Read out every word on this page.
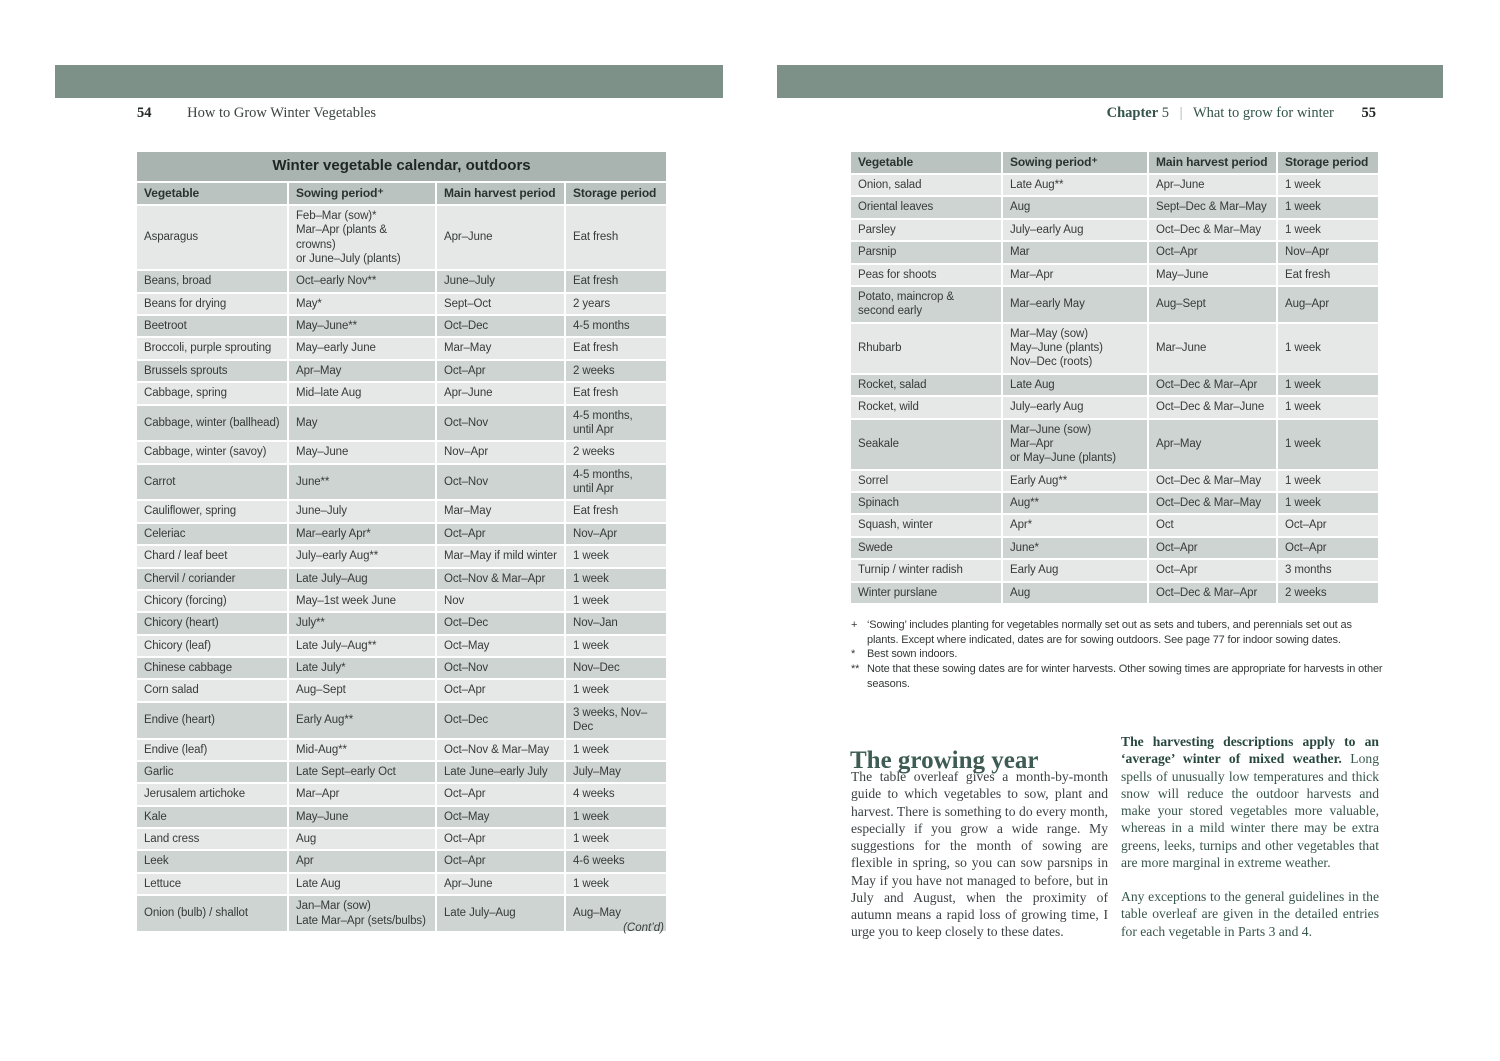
54 How to Grow Winter Vegetables
Winter vegetable calendar, outdoors			
Vegetable	Sowing period⁺	Main harvest period	Storage period
Asparagus	Feb–Mar (sow)*
Mar–Apr (plants & crowns)
or June–July (plants)	Apr–June	Eat fresh
Beans, broad	Oct–early Nov**	June–July	Eat fresh
Beans for drying	May*	Sept–Oct	2 years
Beetroot	May–June**	Oct–Dec	4-5 months
Broccoli, purple sprouting	May–early June	Mar–May	Eat fresh
Brussels sprouts	Apr–May	Oct–Apr	2 weeks
Cabbage, spring	Mid–late Aug	Apr–June	Eat fresh
Cabbage, winter (ballhead)	May	Oct–Nov	4-5 months,
until Apr
Cabbage, winter (savoy)	May–June	Nov–Apr	2 weeks
Carrot	June**	Oct–Nov	4-5 months,
until Apr
Cauliflower, spring	June–July	Mar–May	Eat fresh
Celeriac	Mar–early Apr*	Oct–Apr	Nov–Apr
Chard / leaf beet	July–early Aug**	Mar–May if mild winter	1 week
Chervil / coriander	Late July–Aug	Oct–Nov & Mar–Apr	1 week
Chicory (forcing)	May–1st week June	Nov	1 week
Chicory (heart)	July**	Oct–Dec	Nov–Jan
Chicory (leaf)	Late July–Aug**	Oct–May	1 week
Chinese cabbage	Late July*	Oct–Nov	Nov–Dec
Corn salad	Aug–Sept	Oct–Apr	1 week
Endive (heart)	Early Aug**	Oct–Dec	3 weeks, Nov–Dec
Endive (leaf)	Mid-Aug**	Oct–Nov & Mar–May	1 week
Garlic	Late Sept–early Oct	Late June–early July	July–May
Jerusalem artichoke	Mar–Apr	Oct–Apr	4 weeks
Kale	May–June	Oct–May	1 week
Land cress	Aug	Oct–Apr	1 week
Leek	Apr	Oct–Apr	4-6 weeks
Lettuce	Late Aug	Apr–June	1 week
Onion (bulb) / shallot	Jan–Mar (sow)
Late Mar–Apr (sets/bulbs)	Late July–Aug	Aug–May
(Cont’d)
Chapter 5 | What to grow for winter 55
Vegetable	Sowing period⁺	Main harvest period	Storage period
Onion, salad	Late Aug**	Apr–June	1 week
Oriental leaves	Aug	Sept–Dec & Mar–May	1 week
Parsley	July–early Aug	Oct–Dec & Mar–May	1 week
Parsnip	Mar	Oct–Apr	Nov–Apr
Peas for shoots	Mar–Apr	May–June	Eat fresh
Potato, maincrop &
second early	Mar–early May	Aug–Sept	Aug–Apr
Rhubarb	Mar–May (sow)
May–June (plants)
Nov–Dec (roots)	Mar–June	1 week
Rocket, salad	Late Aug	Oct–Dec & Mar–Apr	1 week
Rocket, wild	July–early Aug	Oct–Dec & Mar–June	1 week
Seakale	Mar–June (sow)
Mar–Apr
or May–June (plants)	Apr–May	1 week
Sorrel	Early Aug**	Oct–Dec & Mar–May	1 week
Spinach	Aug**	Oct–Dec & Mar–May	1 week
Squash, winter	Apr*	Oct	Oct–Apr
Swede	June*	Oct–Apr	Oct–Apr
Turnip / winter radish	Early Aug	Oct–Apr	3 months
Winter purslane	Aug	Oct–Dec & Mar–Apr	2 weeks
+ ‘Sowing’ includes planting for vegetables normally set out as sets and tubers, and perennials set out as plants. Except where indicated, dates are for sowing outdoors. See page 77 for indoor sowing dates.
*	Best sown indoors.
** Note that these sowing dates are for winter harvests. Other sowing times are appropriate for harvests in other seasons.
The growing year

The table overleaf gives a month-by-month guide to which vegetables to sow, plant and harvest. There is something to do every month, especially if you grow a wide range. My suggestions for the month of sowing are flexible in spring, so you can sow parsnips in May if you have not managed to before, but in July and August, when the proximity of autumn means a rapid loss of growing time, I urge you to keep closely to these dates.

The harvesting descriptions apply to an ‘average’ winter of mixed weather. Long spells of unusually low temperatures and thick snow will reduce the outdoor harvests and make your stored vegetables more valuable, whereas in a mild winter there may be extra greens, leeks, turnips and other vegetables that are more marginal in extreme weather.

Any exceptions to the general guidelines in the table overleaf are given in the detailed entries for each vegetable in Parts 3 and 4.
